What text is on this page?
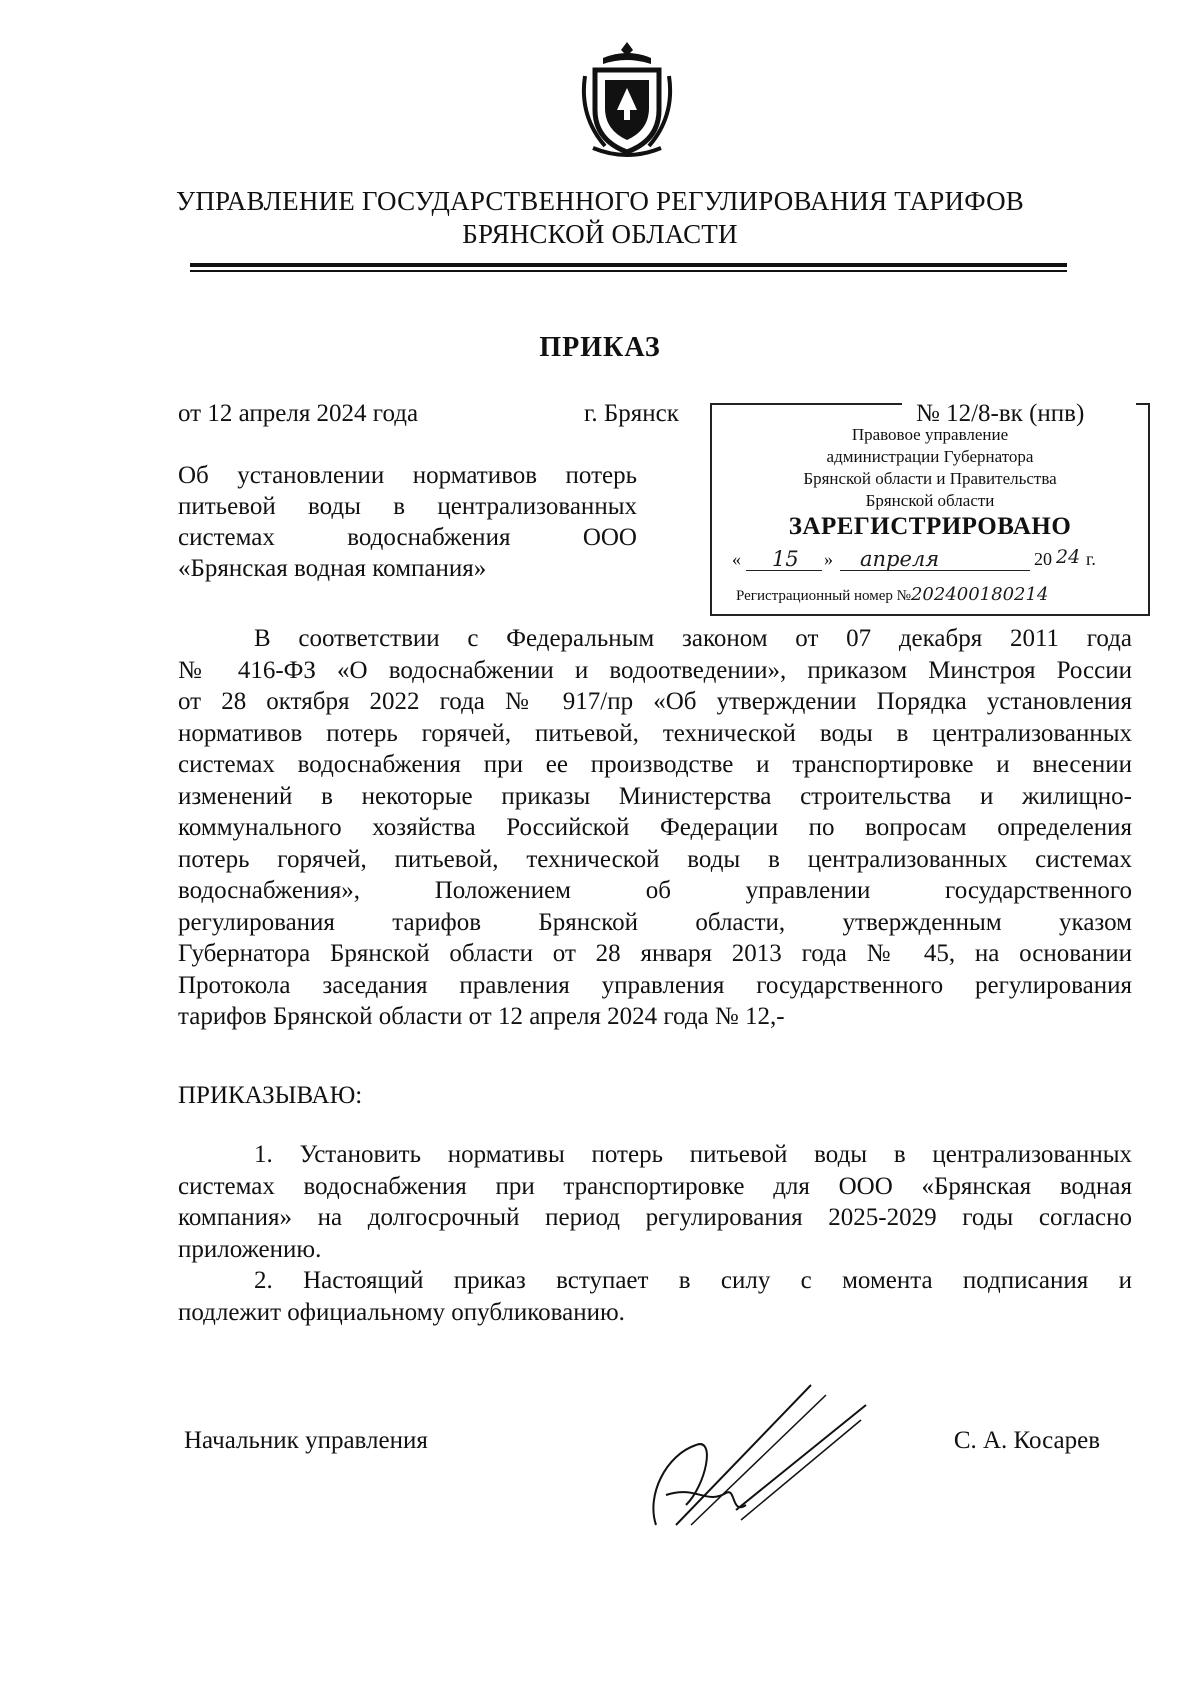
УПРАВЛЕНИЕ ГОСУДАРСТВЕННОГО РЕГУЛИРОВАНИЯ ТАРИФОВ
БРЯНСКОЙ ОБЛАСТИ
ПРИКАЗ
от 12 апреля 2024 года	г. Брянск	№ 12/8-вк (нпв)
Об установлении нормативов потерь
питьевой воды в централизованных
системах водоснабжения ООО
«Брянская водная компания»
Правовое управление
администрации Губернатора
Брянской области и Правительства
Брянской области
ЗАРЕГИСТРИРОВАНО
« 15 » апреля	20 24 г.
Регистрационный номер №202400180214
В соответствии с Федеральным законом от 07 декабря 2011 года
№ 416-ФЗ «О водоснабжении и водоотведении», приказом Минстроя России
от 28 октября 2022 года № 917/пр «Об утверждении Порядка установления
нормативов потерь горячей, питьевой, технической воды в централизованных
системах водоснабжения при ее производстве и транспортировке и внесении
изменений в некоторые приказы Министерства строительства и жилищно-
коммунального хозяйства Российской Федерации по вопросам определения
потерь горячей, питьевой, технической воды в централизованных системах
водоснабжения», Положением об управлении государственного
регулирования тарифов Брянской области, утвержденным указом
Губернатора Брянской области от 28 января 2013 года № 45, на основании
Протокола заседания правления управления государственного регулирования
тарифов Брянской области от 12 апреля 2024 года № 12,-
ПРИКАЗЫВАЮ:
1. Установить нормативы потерь питьевой воды в централизованных
системах водоснабжения при транспортировке для ООО «Брянская водная
компания» на долгосрочный период регулирования 2025-2029 годы согласно
приложению.
2. Настоящий приказ вступает в силу с момента подписания и
подлежит официальному опубликованию.
Начальник управления	С. А. Косарев
